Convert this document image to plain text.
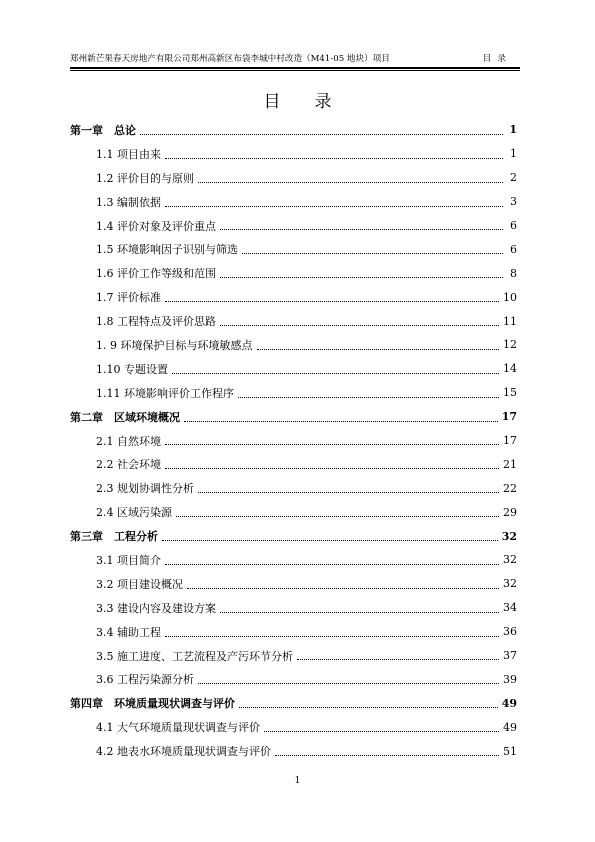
郑州新芒果春天房地产有限公司郑州高新区布袋李城中村改造（M41-05 地块）项目	目录
目录
第一章　总论	1
1.1 项目由来	1
1.2 评价目的与原则	2
1.3 编制依据	3
1.4 评价对象及评价重点	6
1.5 环境影响因子识别与筛选	6
1.6 评价工作等级和范围	8
1.7 评价标准	10
1.8 工程特点及评价思路	11
1. 9 环境保护目标与环境敏感点	12
1.10 专题设置	14
1.11 环境影响评价工作程序	15
第二章　区域环境概况	17
2.1 自然环境	17
2.2 社会环境	21
2.3 规划协调性分析	22
2.4 区域污染源	29
第三章　工程分析	32
3.1 项目简介	32
3.2 项目建设概况	32
3.3 建设内容及建设方案	34
3.4 辅助工程	36
3.5 施工进度、工艺流程及产污环节分析	37
3.6 工程污染源分析	39
第四章　环境质量现状调查与评价	49
4.1 大气环境质量现状调查与评价	49
4.2 地表水环境质量现状调查与评价	51
1
